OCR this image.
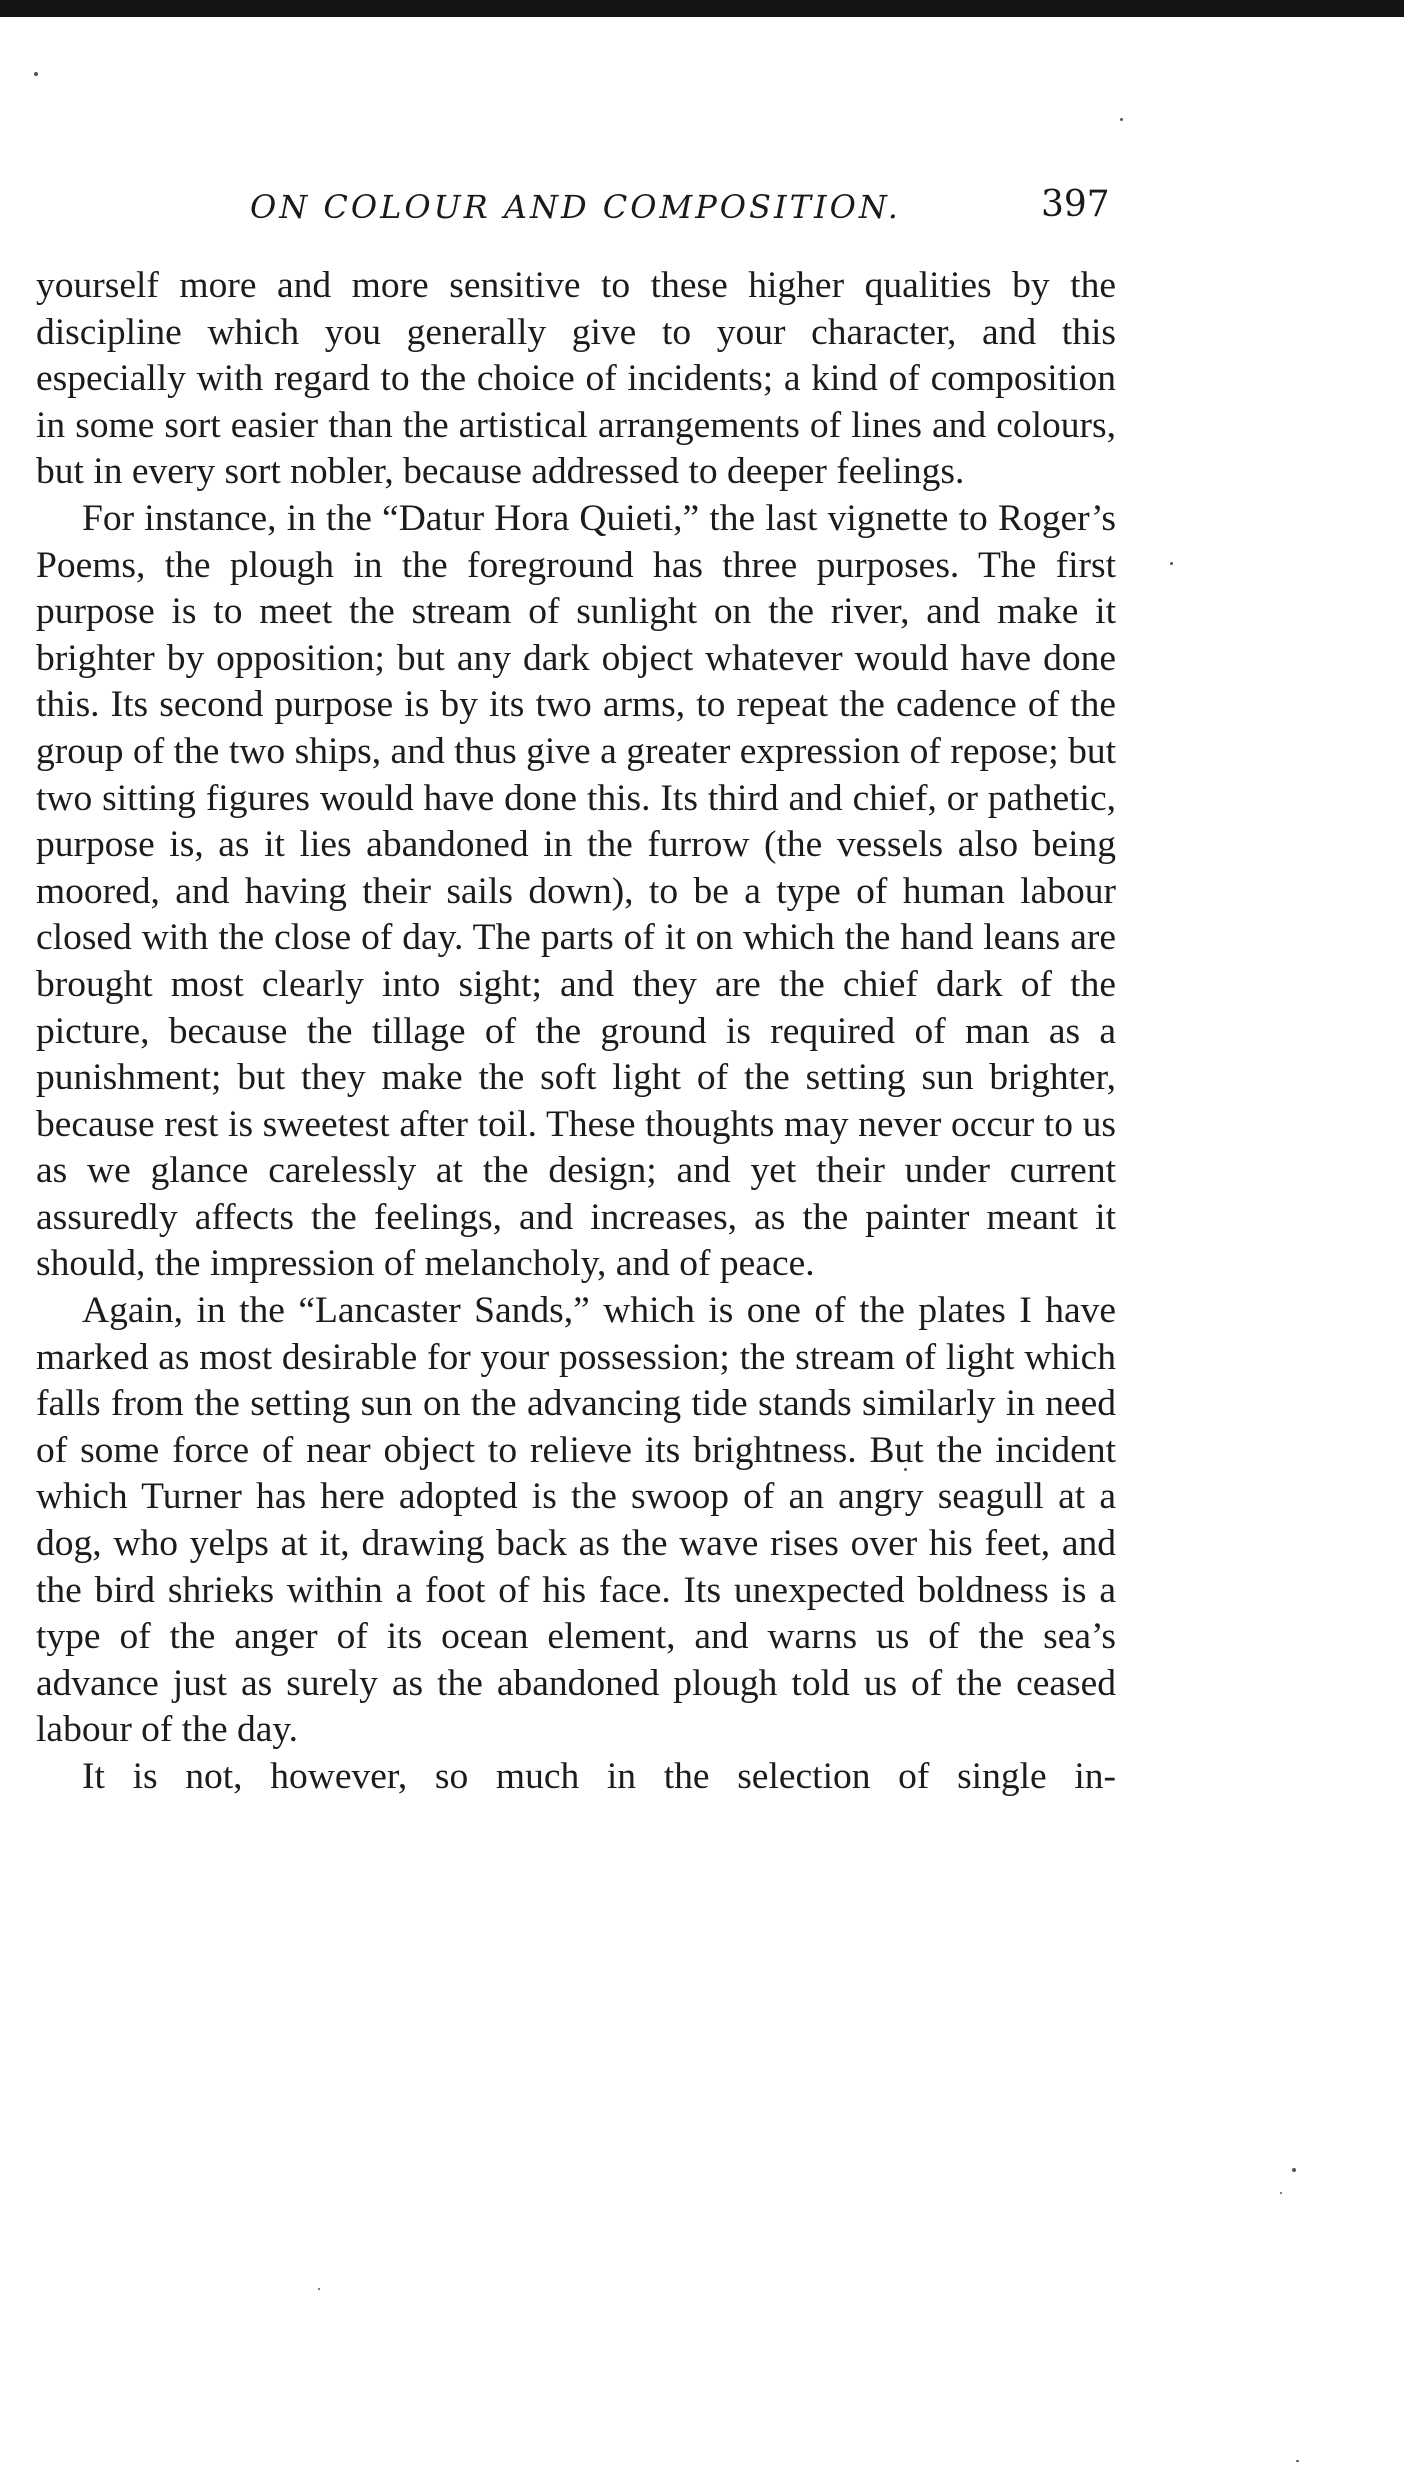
ON COLOUR AND COMPOSITION.	397

yourself more and more sensitive to these higher qualities by the discipline which you generally give to your character, and this especially with regard to the choice of incidents; a kind of composition in some sort easier than the artistical arrangements of lines and colours, but in every sort nobler, because addressed to deeper feelings.

For instance, in the “Datur Hora Quieti,” the last vignette to Roger’s Poems, the plough in the foreground has three purposes. The first purpose is to meet the stream of sunlight on the river, and make it brighter by opposition; but any dark object whatever would have done this. Its second purpose is by its two arms, to repeat the cadence of the group of the two ships, and thus give a greater expression of repose; but two sitting figures would have done this. Its third and chief, or pathetic, purpose is, as it lies abandoned in the furrow (the vessels also being moored, and having their sails down), to be a type of human labour closed with the close of day. The parts of it on which the hand leans are brought most clearly into sight; and they are the chief dark of the picture, because the tillage of the ground is required of man as a punishment; but they make the soft light of the setting sun brighter, because rest is sweetest after toil. These thoughts may never occur to us as we glance carelessly at the design; and yet their under current assuredly affects the feelings, and increases, as the painter meant it should, the impression of melancholy, and of peace.

Again, in the “Lancaster Sands,” which is one of the plates I have marked as most desirable for your possession; the stream of light which falls from the setting sun on the advancing tide stands similarly in need of some force of near object to relieve its brightness. But the incident which Turner has here adopted is the swoop of an angry seagull at a dog, who yelps at it, drawing back as the wave rises over his feet, and the bird shrieks within a foot of his face. Its unexpected boldness is a type of the anger of its ocean element, and warns us of the sea’s advance just as surely as the abandoned plough told us of the ceased labour of the day.

It is not, however, so much in the selection of single in-
